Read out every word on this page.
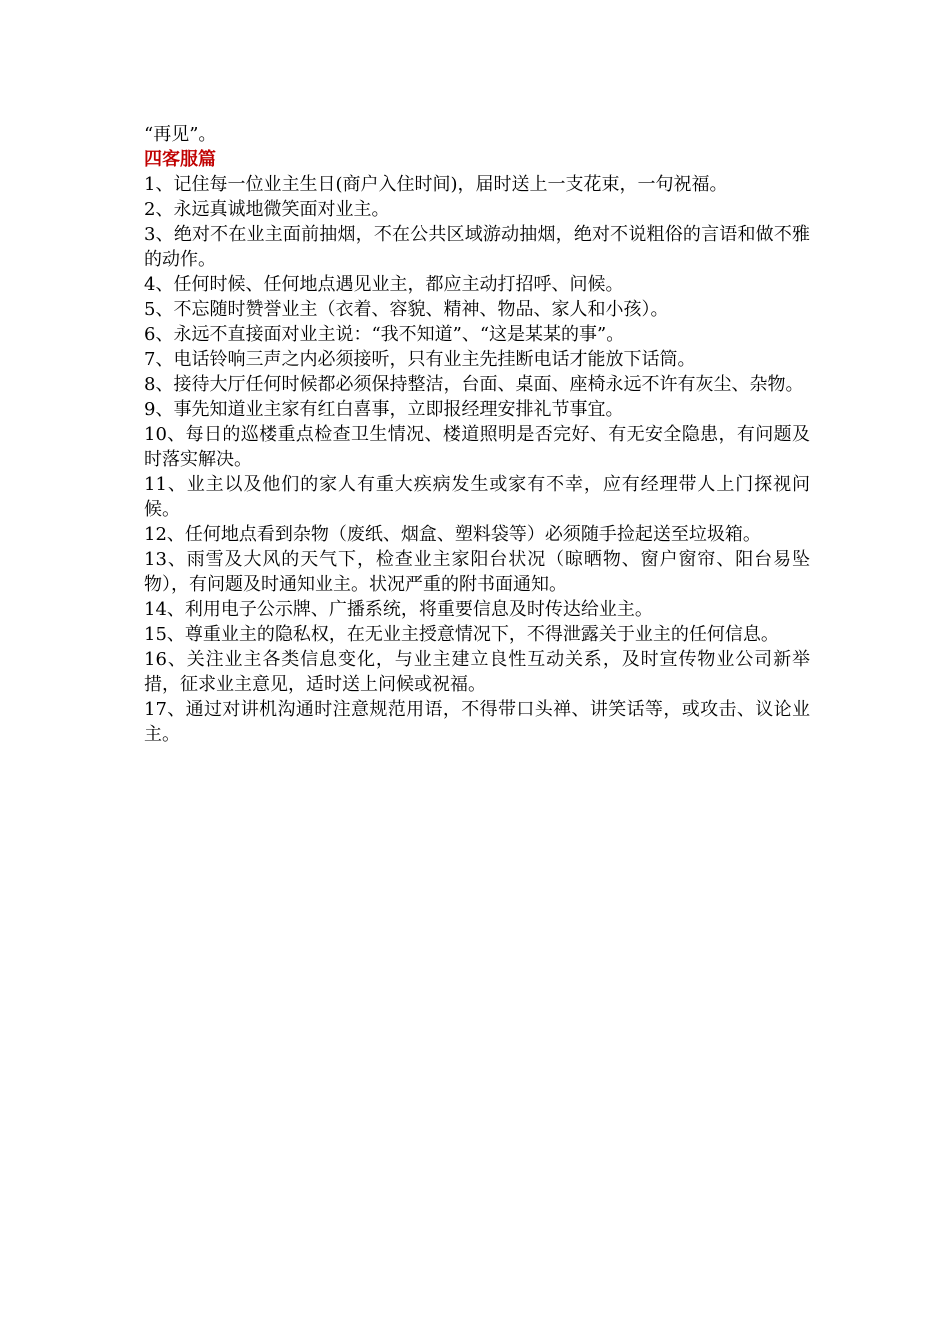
“再见”。

四客服篇

1、记住每一位业主生日(商户入住时间)，届时送上一支花束，一句祝福。

2、永远真诚地微笑面对业主。

3、绝对不在业主面前抽烟，不在公共区域游动抽烟，绝对不说粗俗的言语和做不雅的动作。

4、任何时候、任何地点遇见业主，都应主动打招呼、问候。

5、不忘随时赞誉业主（衣着、容貌、精神、物品、家人和小孩）。

6、永远不直接面对业主说：“我不知道”、“这是某某的事”。

7、电话铃响三声之内必须接听，只有业主先挂断电话才能放下话筒。

8、接待大厅任何时候都必须保持整洁，台面、桌面、座椅永远不许有灰尘、杂物。

9、事先知道业主家有红白喜事，立即报经理安排礼节事宜。

10、每日的巡楼重点检查卫生情况、楼道照明是否完好、有无安全隐患，有问题及时落实解决。

11、业主以及他们的家人有重大疾病发生或家有不幸，应有经理带人上门探视问候。

12、任何地点看到杂物（废纸、烟盒、塑料袋等）必须随手捡起送至垃圾箱。

13、雨雪及大风的天气下，检查业主家阳台状况（晾晒物、窗户窗帘、阳台易坠物），有问题及时通知业主。状况严重的附书面通知。

14、利用电子公示牌、广播系统，将重要信息及时传达给业主。

15、尊重业主的隐私权，在无业主授意情况下，不得泄露关于业主的任何信息。

16、关注业主各类信息变化，与业主建立良性互动关系，及时宣传物业公司新举措，征求业主意见，适时送上问候或祝福。

17、通过对讲机沟通时注意规范用语，不得带口头禅、讲笑话等，或攻击、议论业主。
